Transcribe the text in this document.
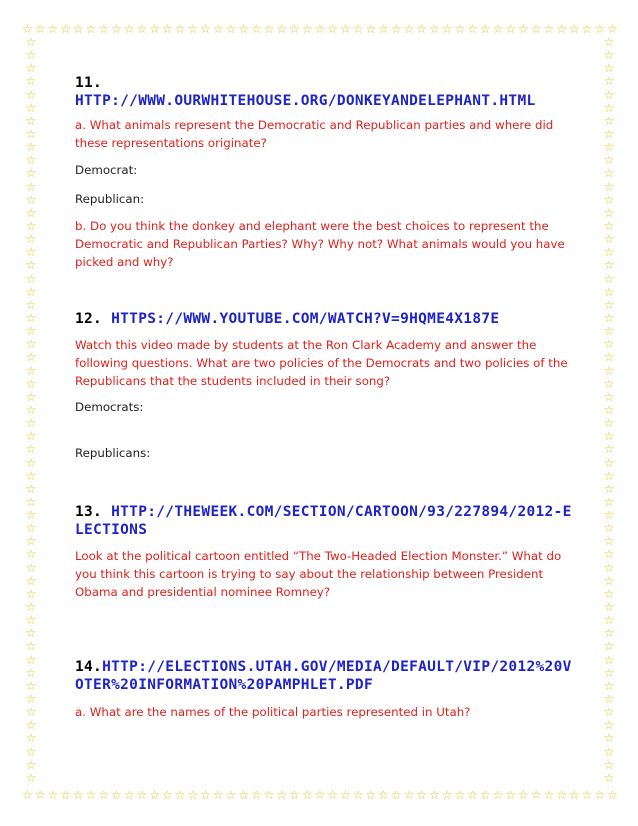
☆ ☆ ☆ ☆ ☆ ☆ ☆ ☆ ☆ ☆ ☆ ☆ ☆ ☆ ☆ ☆ ☆ ☆ ☆ ☆ ☆ ☆ ☆ ☆ ☆ ☆ ☆ ☆ ☆ ☆ ☆ ☆ ☆ ☆ ☆ ☆ ☆ ☆ ☆ ☆ ☆ ☆ ☆ ☆ ☆ ☆ ☆
☆ ☆ ☆ ☆ ☆ ☆ ☆ ☆ ☆ ☆ ☆ ☆ ☆ ☆ ☆ ☆ ☆ ☆ ☆ ☆ ☆ ☆ ☆ ☆ ☆ ☆ ☆ ☆ ☆ ☆ ☆ ☆ ☆ ☆ ☆ ☆ ☆ ☆ ☆ ☆ ☆ ☆ ☆ ☆ ☆ ☆ ☆
☆
☆
☆
☆
☆
☆
☆
☆
☆
☆
☆
☆
☆
☆
☆
☆
☆
☆
☆
☆
☆
☆
☆
☆
☆
☆
☆
☆
☆
☆
☆
☆
☆
☆
☆
☆
☆
☆
☆
☆
☆
☆
☆
☆
☆
☆
☆
☆
☆
☆
☆
☆
☆
☆
☆
☆
☆
☆
☆
☆
☆
☆
☆
☆
☆
☆
☆
☆
☆
☆
☆
☆
☆
☆
☆
☆
☆
☆
☆
☆
☆
☆
☆
☆
☆
☆
☆
☆
☆
☆
☆
☆
☆
☆
☆
☆
☆
☆
☆
☆
☆
☆
☆
☆
☆
☆
☆
☆
☆
☆
☆
☆
☆
☆

11.
HTTP://WWW.OURWHITEHOUSE.ORG/DONKEYANDELEPHANT.HTML

a. What animals represent the Democratic and Republican parties and where did these representations originate?

Democrat:

Republican:

b. Do you think the donkey and elephant were the best choices to represent the Democratic and Republican Parties? Why? Why not? What animals would you have picked and why?

12. HTTPS://WWW.YOUTUBE.COM/WATCH?V=9HQME4X187E

Watch this video made by students at the Ron Clark Academy and answer the following questions. What are two policies of the Democrats and two policies of the Republicans that the students included in their song?

Democrats:

Republicans:

13. HTTP://THEWEEK.COM/SECTION/CARTOON/93/227894/2012-ELECTIONS

Look at the political cartoon entitled “The Two-Headed Election Monster.” What do you think this cartoon is trying to say about the relationship between President Obama and presidential nominee Romney?

14.HTTP://ELECTIONS.UTAH.GOV/MEDIA/DEFAULT/VIP/2012%20VOTER%20INFORMATION%20PAMPHLET.PDF

a. What are the names of the political parties represented in Utah?
